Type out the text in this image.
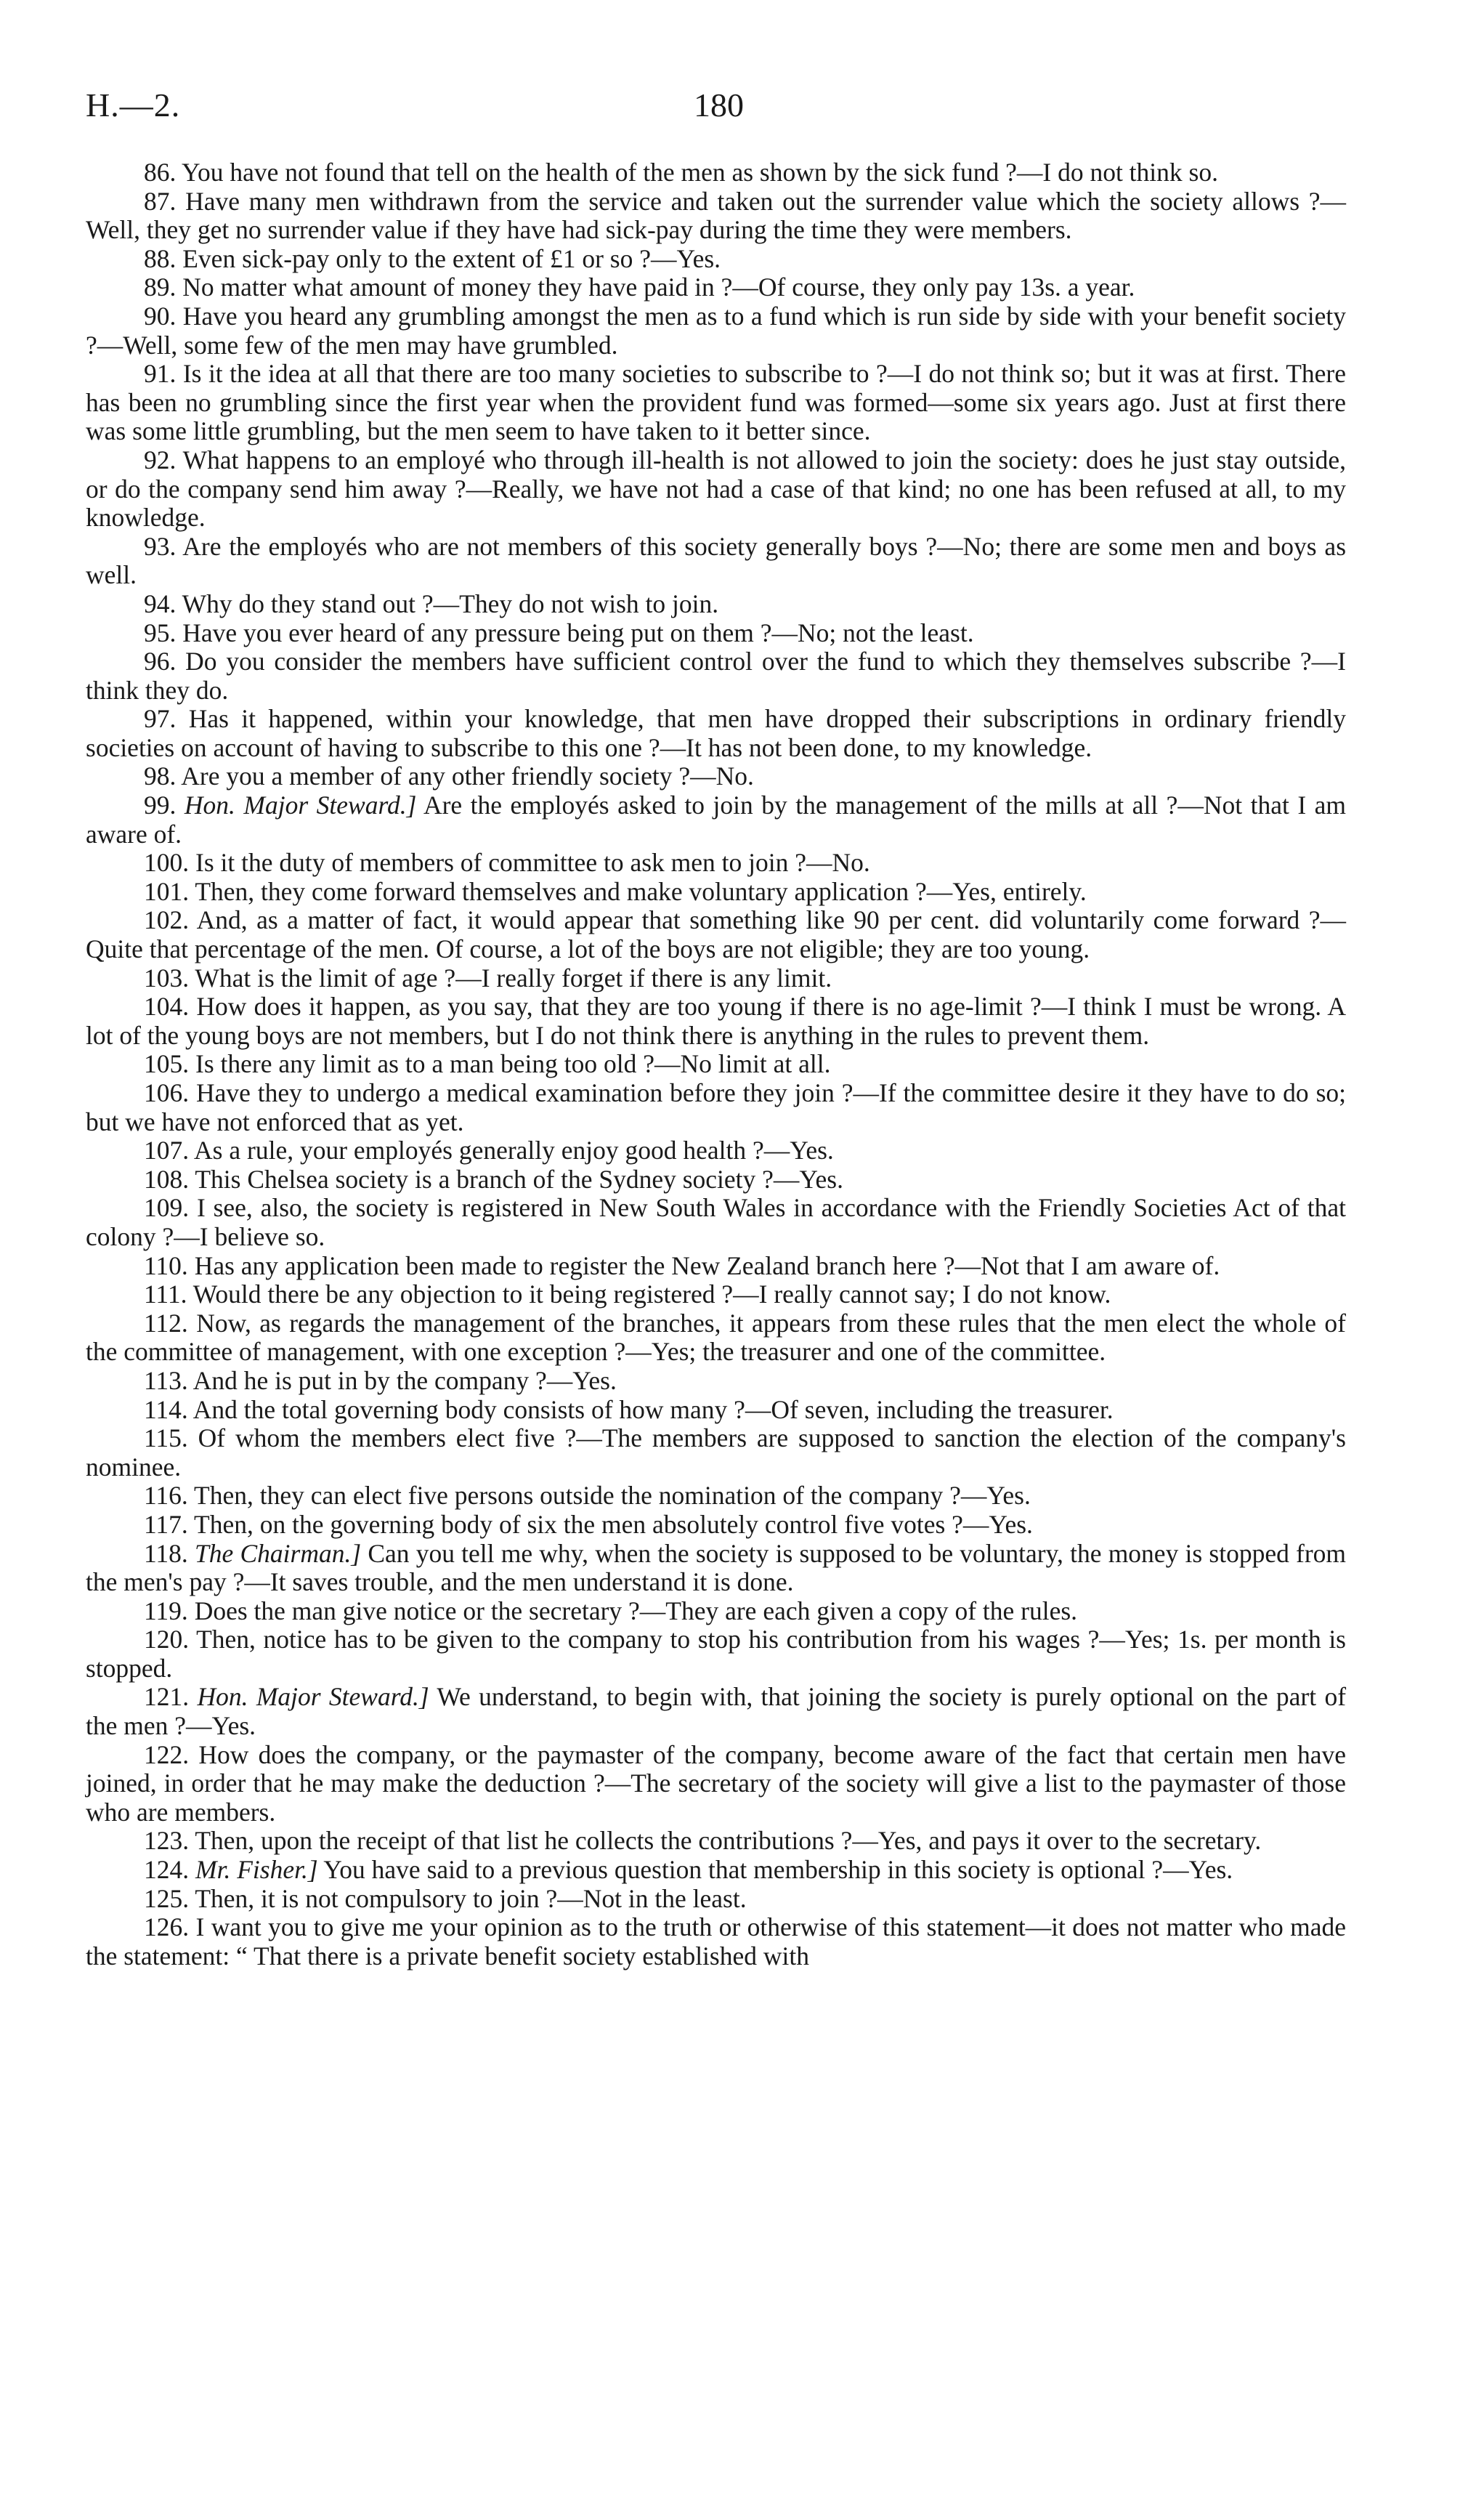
H.—2.	180

86. You have not found that tell on the health of the men as shown by the sick fund ?—I do not think so.

87. Have many men withdrawn from the service and taken out the surrender value which the society allows ?—Well, they get no surrender value if they have had sick-pay during the time they were members.

88. Even sick-pay only to the extent of £1 or so ?—Yes.

89. No matter what amount of money they have paid in ?—Of course, they only pay 13s. a year.

90. Have you heard any grumbling amongst the men as to a fund which is run side by side with your benefit society ?—Well, some few of the men may have grumbled.

91. Is it the idea at all that there are too many societies to subscribe to ?—I do not think so; but it was at first. There has been no grumbling since the first year when the provident fund was formed—some six years ago. Just at first there was some little grumbling, but the men seem to have taken to it better since.

92. What happens to an employé who through ill-health is not allowed to join the society: does he just stay outside, or do the company send him away ?—Really, we have not had a case of that kind; no one has been refused at all, to my knowledge.

93. Are the employés who are not members of this society generally boys ?—No; there are some men and boys as well.

94. Why do they stand out ?—They do not wish to join.

95. Have you ever heard of any pressure being put on them ?—No; not the least.

96. Do you consider the members have sufficient control over the fund to which they themselves subscribe ?—I think they do.

97. Has it happened, within your knowledge, that men have dropped their subscriptions in ordinary friendly societies on account of having to subscribe to this one ?—It has not been done, to my knowledge.

98. Are you a member of any other friendly society ?—No.

99. Hon. Major Steward.] Are the employés asked to join by the management of the mills at all ?—Not that I am aware of.

100. Is it the duty of members of committee to ask men to join ?—No.

101. Then, they come forward themselves and make voluntary application ?—Yes, entirely.

102. And, as a matter of fact, it would appear that something like 90 per cent. did voluntarily come forward ?—Quite that percentage of the men. Of course, a lot of the boys are not eligible; they are too young.

103. What is the limit of age ?—I really forget if there is any limit.

104. How does it happen, as you say, that they are too young if there is no age-limit ?—I think I must be wrong. A lot of the young boys are not members, but I do not think there is anything in the rules to prevent them.

105. Is there any limit as to a man being too old ?—No limit at all.

106. Have they to undergo a medical examination before they join ?—If the committee desire it they have to do so; but we have not enforced that as yet.

107. As a rule, your employés generally enjoy good health ?—Yes.

108. This Chelsea society is a branch of the Sydney society ?—Yes.

109. I see, also, the society is registered in New South Wales in accordance with the Friendly Societies Act of that colony ?—I believe so.

110. Has any application been made to register the New Zealand branch here ?—Not that I am aware of.

111. Would there be any objection to it being registered ?—I really cannot say; I do not know.

112. Now, as regards the management of the branches, it appears from these rules that the men elect the whole of the committee of management, with one exception ?—Yes; the treasurer and one of the committee.

113. And he is put in by the company ?—Yes.

114. And the total governing body consists of how many ?—Of seven, including the treasurer.

115. Of whom the members elect five ?—The members are supposed to sanction the election of the company's nominee.

116. Then, they can elect five persons outside the nomination of the company ?—Yes.

117. Then, on the governing body of six the men absolutely control five votes ?—Yes.

118. The Chairman.] Can you tell me why, when the society is supposed to be voluntary, the money is stopped from the men's pay ?—It saves trouble, and the men understand it is done.

119. Does the man give notice or the secretary ?—They are each given a copy of the rules.

120. Then, notice has to be given to the company to stop his contribution from his wages ?—Yes; 1s. per month is stopped.

121. Hon. Major Steward.] We understand, to begin with, that joining the society is purely optional on the part of the men ?—Yes.

122. How does the company, or the paymaster of the company, become aware of the fact that certain men have joined, in order that he may make the deduction ?—The secretary of the society will give a list to the paymaster of those who are members.

123. Then, upon the receipt of that list he collects the contributions ?—Yes, and pays it over to the secretary.

124. Mr. Fisher.] You have said to a previous question that membership in this society is optional ?—Yes.

125. Then, it is not compulsory to join ?—Not in the least.

126. I want you to give me your opinion as to the truth or otherwise of this statement—it does not matter who made the statement: “ That there is a private benefit society established with
